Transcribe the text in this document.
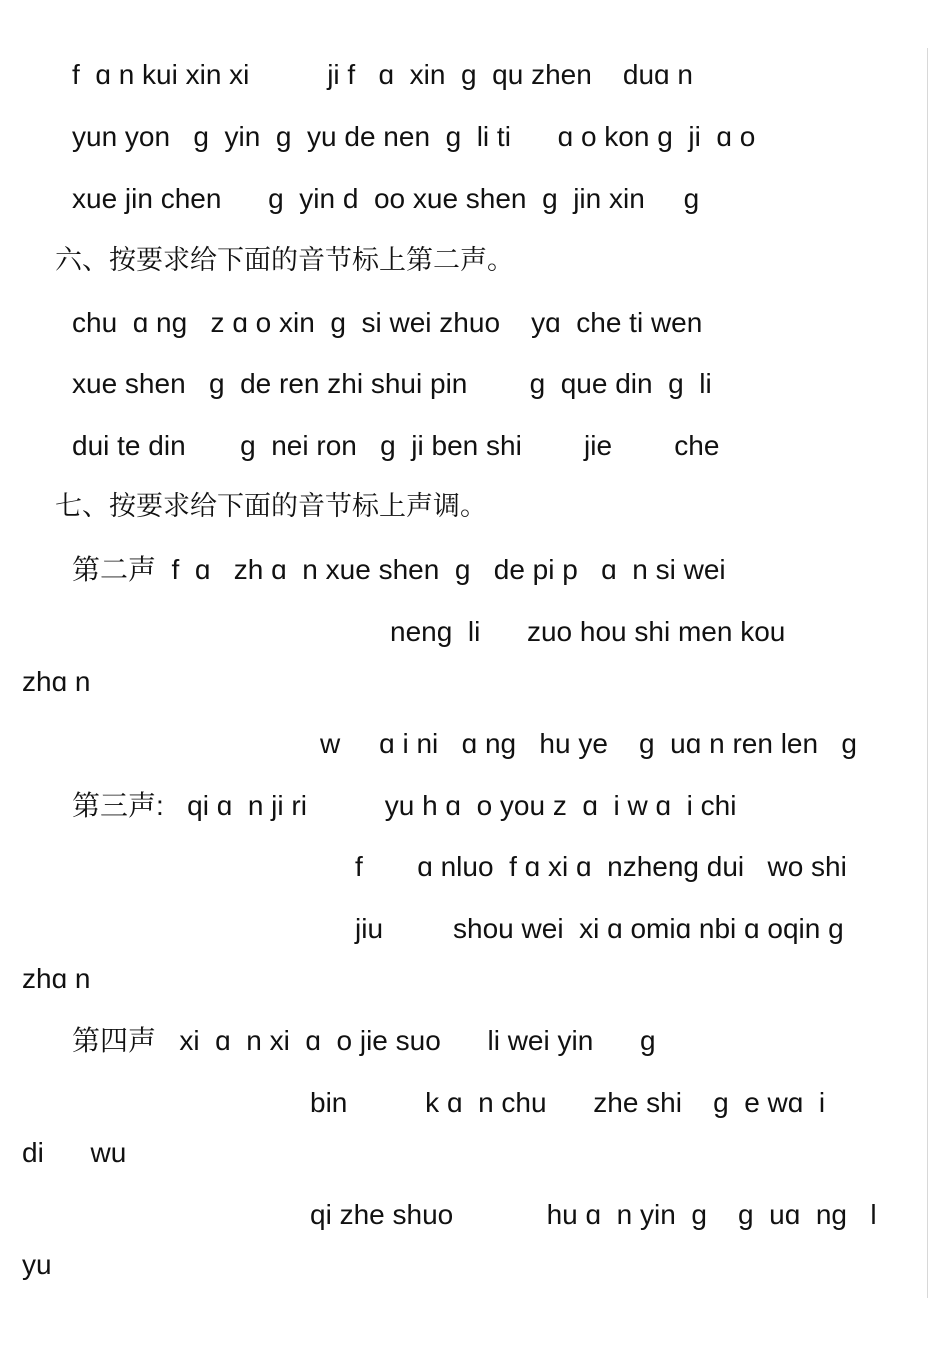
f  ɑ n kui xin xi          ji f   ɑ  xin  ɡ  qu zhen    duɑ n
yun yon   ɡ  yin  ɡ  yu de nen  ɡ  li ti      ɑ o kon ɡ  ji  ɑ o
xue jin chen      ɡ  yin d  oo xue shen  ɡ  jin xin     ɡ
六、按要求给下面的音节标上第二声。
chu  ɑ ng   z ɑ o xin  ɡ  si wei zhuo    yɑ  che ti wen
xue shen   ɡ  de ren zhi shui pin        ɡ  que din  ɡ  li
dui te din       ɡ  nei ron   ɡ  ji ben shi        jie        che
七、按要求给下面的音节标上声调。
第二声  f  ɑ   zh ɑ  n xue shen  ɡ   de pi p   ɑ  n si wei
neng  li      zuo hou shi men kou
zhɑ n
w     ɑ i ni   ɑ ng   hu ye    ɡ  uɑ n ren len   ɡ
第三声:   qi ɑ  n ji ri          yu h ɑ  o you z  ɑ  i w ɑ  i chi
f       ɑ nluo  f ɑ xi ɑ  nzheng dui   wo shi
jiu         shou wei  xi ɑ omiɑ nbi ɑ oqin ɡ
zhɑ n
第四声   xi  ɑ  n xi  ɑ  o jie suo      li wei yin      ɡ
bin          k ɑ  n chu      zhe shi    ɡ  e wɑ  i
di      wu
qi zhe shuo            hu ɑ  n yin  ɡ    ɡ  uɑ  ng   l
yu
